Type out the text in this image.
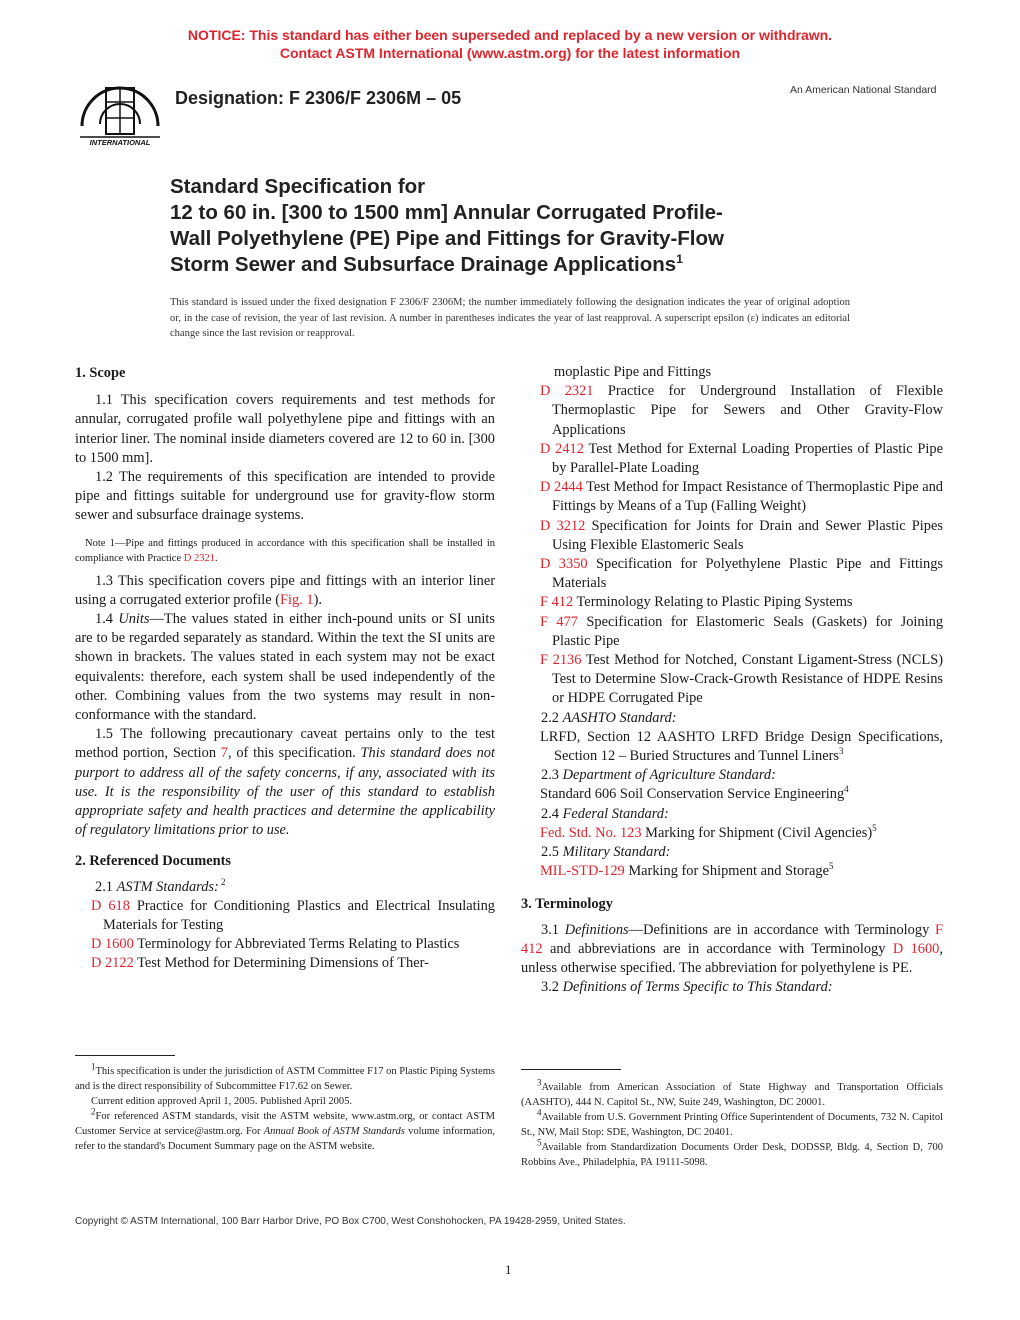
NOTICE: This standard has either been superseded and replaced by a new version or withdrawn.
Contact ASTM International (www.astm.org) for the latest information
INTERNATIONAL
Designation: F 2306/F 2306M – 05	An American National Standard
Standard Specification for
12 to 60 in. [300 to 1500 mm] Annular Corrugated Profile-
Wall Polyethylene (PE) Pipe and Fittings for Gravity-Flow
Storm Sewer and Subsurface Drainage Applications$^1$
This standard is issued under the fixed designation F 2306/F 2306M; the number immediately following the designation indicates the year of original adoption or, in the case of revision, the year of last revision. A number in parentheses indicates the year of last reapproval. A superscript epsilon (ε) indicates an editorial change since the last revision or reapproval.

1. Scope

1.1 This specification covers requirements and test methods for annular, corrugated profile wall polyethylene pipe and fittings with an interior liner. The nominal inside diameters covered are 12 to 60 in. [300 to 1500 mm].

1.2 The requirements of this specification are intended to provide pipe and fittings suitable for underground use for gravity-flow storm sewer and subsurface drainage systems.

Note 1—Pipe and fittings produced in accordance with this specification shall be installed in compliance with Practice D 2321.

1.3 This specification covers pipe and fittings with an interior liner using a corrugated exterior profile (Fig. 1).

1.4 Units—The values stated in either inch-pound units or SI units are to be regarded separately as standard. Within the text the SI units are shown in brackets. The values stated in each system may not be exact equivalents: therefore, each system shall be used independently of the other. Combining values from the two systems may result in non-conformance with the standard.

1.5 The following precautionary caveat pertains only to the test method portion, Section 7, of this specification. This standard does not purport to address all of the safety concerns, if any, associated with its use. It is the responsibility of the user of this standard to establish appropriate safety and health practices and determine the applicability of regulatory limitations prior to use.

2. Referenced Documents

2.1 ASTM Standards: $^2$

D 618 Practice for Conditioning Plastics and Electrical Insulating Materials for Testing

D 1600 Terminology for Abbreviated Terms Relating to Plastics

D 2122 Test Method for Determining Dimensions of Ther-

moplastic Pipe and Fittings

D 2321 Practice for Underground Installation of Flexible Thermoplastic Pipe for Sewers and Other Gravity-Flow Applications

D 2412 Test Method for External Loading Properties of Plastic Pipe by Parallel-Plate Loading

D 2444 Test Method for Impact Resistance of Thermoplastic Pipe and Fittings by Means of a Tup (Falling Weight)

D 3212 Specification for Joints for Drain and Sewer Plastic Pipes Using Flexible Elastomeric Seals

D 3350 Specification for Polyethylene Plastic Pipe and Fittings Materials

F 412 Terminology Relating to Plastic Piping Systems

F 477 Specification for Elastomeric Seals (Gaskets) for Joining Plastic Pipe

F 2136 Test Method for Notched, Constant Ligament-Stress (NCLS) Test to Determine Slow-Crack-Growth Resistance of HDPE Resins or HDPE Corrugated Pipe

2.2 AASHTO Standard:

LRFD, Section 12 AASHTO LRFD Bridge Design Specifications, Section 12 – Buried Structures and Tunnel Liners$^3$

2.3 Department of Agriculture Standard:

Standard 606 Soil Conservation Service Engineering$^4$

2.4 Federal Standard:

Fed. Std. No. 123 Marking for Shipment (Civil Agencies)$^5$

2.5 Military Standard:

MIL-STD-129 Marking for Shipment and Storage$^5$

3. Terminology

3.1 Definitions—Definitions are in accordance with Terminology F 412 and abbreviations are in accordance with Terminology D 1600, unless otherwise specified. The abbreviation for polyethylene is PE.

3.2 Definitions of Terms Specific to This Standard:

$^1$This specification is under the jurisdiction of ASTM Committee F17 on Plastic Piping Systems and is the direct responsibility of Subcommittee F17.62 on Sewer.

Current edition approved April 1, 2005. Published April 2005.

$^2$For referenced ASTM standards, visit the ASTM website, www.astm.org, or contact ASTM Customer Service at service@astm.org. For Annual Book of ASTM Standards volume information, refer to the standard's Document Summary page on the ASTM website.

$^3$Available from American Association of State Highway and Transportation Officials (AASHTO), 444 N. Capitol St., NW, Suite 249, Washington, DC 20001.

$^4$Available from U.S. Government Printing Office Superintendent of Documents, 732 N. Capitol St., NW, Mail Stop: SDE, Washington, DC 20401.

$^5$Available from Standardization Documents Order Desk, DODSSP, Bldg. 4, Section D, 700 Robbins Ave., Philadelphia, PA 19111-5098.

Copyright © ASTM International, 100 Barr Harbor Drive, PO Box C700, West Conshohocken, PA 19428-2959, United States.
1
